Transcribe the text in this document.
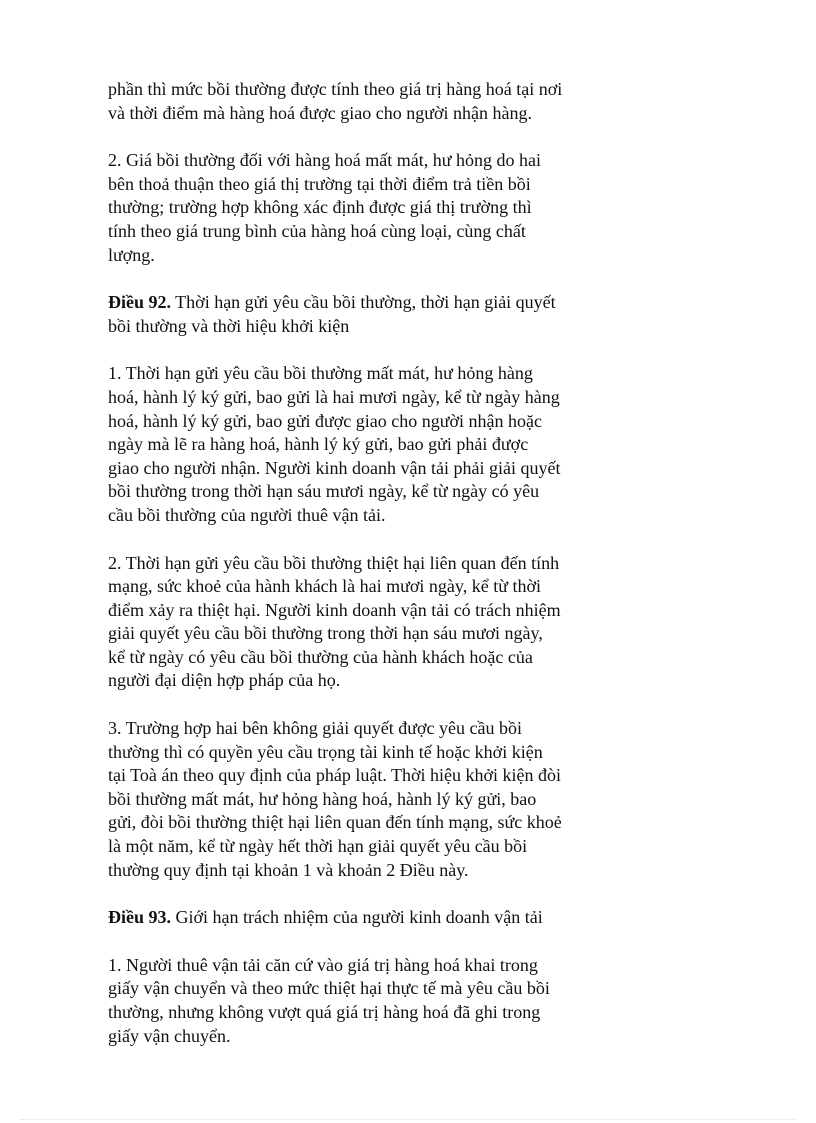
phần thì mức bồi thường được tính theo giá trị hàng hoá tại nơi
và thời điểm mà hàng hoá được giao cho người nhận hàng.

2. Giá bồi thường đối với hàng hoá mất mát, hư hỏng do hai
bên thoả thuận theo giá thị trường tại thời điểm trả tiền bồi
thường; trường hợp không xác định được giá thị trường thì
tính theo giá trung bình của hàng hoá cùng loại, cùng chất
lượng.

Điều 92. Thời hạn gửi yêu cầu bồi thường, thời hạn giải quyết
bồi thường và thời hiệu khởi kiện

1. Thời hạn gửi yêu cầu bồi thường mất mát, hư hỏng hàng
hoá, hành lý ký gửi, bao gửi là hai mươi ngày, kể từ ngày hàng
hoá, hành lý ký gửi, bao gửi được giao cho người nhận hoặc
ngày mà lẽ ra hàng hoá, hành lý ký gửi, bao gửi phải được
giao cho người nhận. Người kinh doanh vận tải phải giải quyết
bồi thường trong thời hạn sáu mươi ngày, kể từ ngày có yêu
cầu bồi thường của người thuê vận tải.

2. Thời hạn gửi yêu cầu bồi thường thiệt hại liên quan đến tính
mạng, sức khoẻ của hành khách là hai mươi ngày, kể từ thời
điểm xảy ra thiệt hại. Người kinh doanh vận tải có trách nhiệm
giải quyết yêu cầu bồi thường trong thời hạn sáu mươi ngày,
kể từ ngày có yêu cầu bồi thường của hành khách hoặc của
người đại diện hợp pháp của họ.

3. Trường hợp hai bên không giải quyết được yêu cầu bồi
thường thì có quyền yêu cầu trọng tài kinh tế hoặc khởi kiện
tại Toà án theo quy định của pháp luật. Thời hiệu khởi kiện đòi
bồi thường mất mát, hư hỏng hàng hoá, hành lý ký gửi, bao
gửi, đòi bồi thường thiệt hại liên quan đến tính mạng, sức khoẻ
là một năm, kể từ ngày hết thời hạn giải quyết yêu cầu bồi
thường quy định tại khoản 1 và khoản 2 Điều này.

Điều 93. Giới hạn trách nhiệm của người kinh doanh vận tải

1. Người thuê vận tải căn cứ vào giá trị hàng hoá khai trong
giấy vận chuyển và theo mức thiệt hại thực tế mà yêu cầu bồi
thường, nhưng không vượt quá giá trị hàng hoá đã ghi trong
giấy vận chuyển.
